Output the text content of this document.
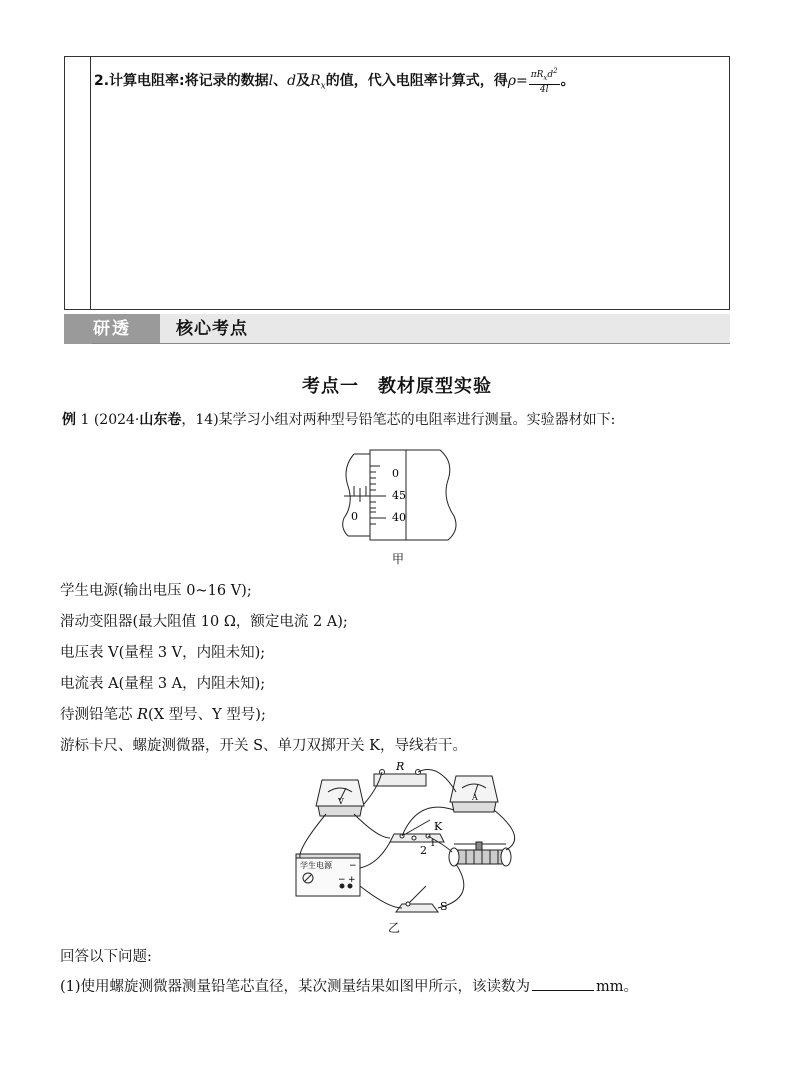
2.计算电阻率:将记录的数据l、d及$R_x$的值，代入电阻率计算式，得$\rho= \frac{\pi R_xd^2}{4l}$ 。
研透	核心考点
考点一　教材原型实验
例 1 (2024·山东卷，14)某学习小组对两种型号铅笔芯的电阻率进行测量。实验器材如下:
0
45
40
0
甲
学生电源(输出电压 0~16 V);
滑动变阻器(最大阻值 10 Ω，额定电流 2 A);
电压表 V(量程 3 V，内阻未知);
电流表 A(量程 3 A，内阻未知);
待测铅笔芯 R(X 型号、Y 型号);
游标卡尺、螺旋测微器，开关 S、单刀双掷开关 K，导线若干。
R
V	A
K
1
2
S
学生电源 −
− +
乙
回答以下问题:
(1)使用螺旋测微器测量铅笔芯直径，某次测量结果如图甲所示，该读数为	mm。
